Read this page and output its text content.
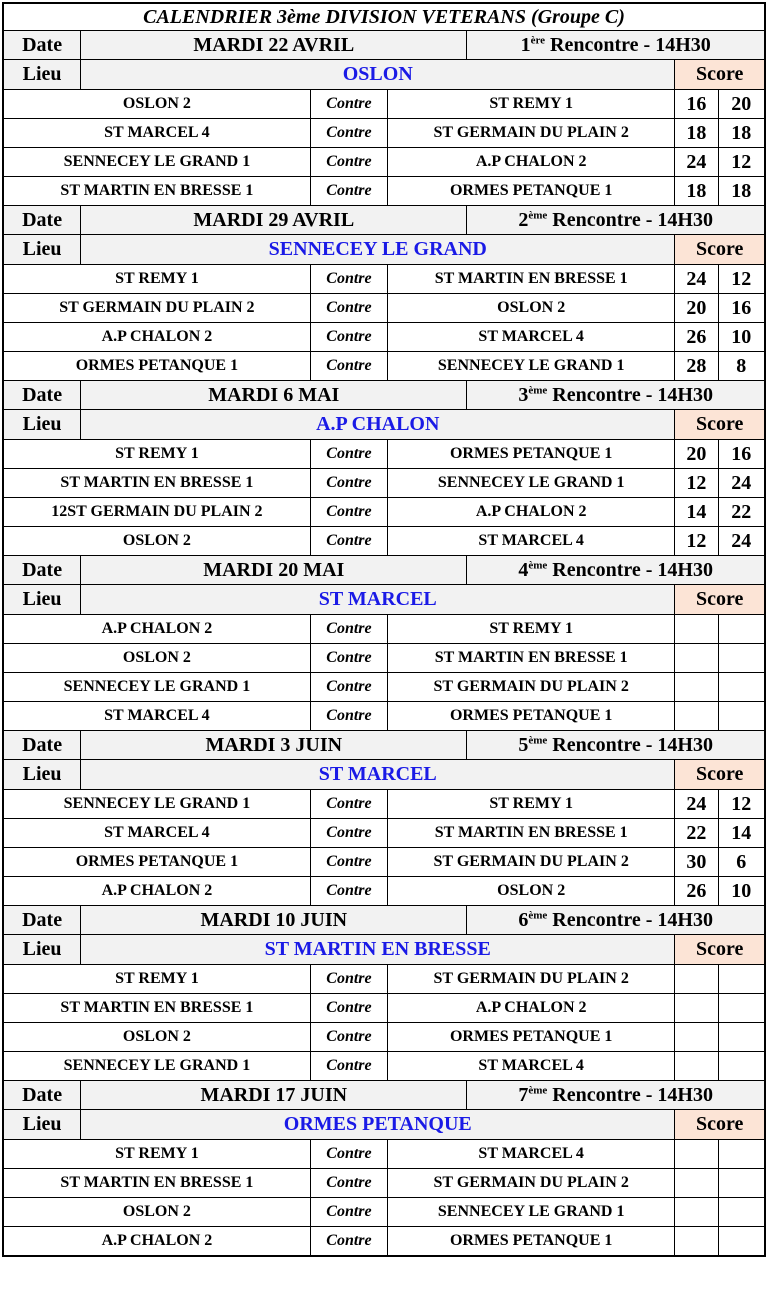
CALENDRIER 3ème DIVISION VETERANS (Groupe C)						
Date	MARDI 22 AVRIL			1ère Rencontre - 14H30		
Lieu	OSLON				Score	
OSLON 2		Contre	ST REMY 1		16	20
ST MARCEL 4		Contre	ST GERMAIN DU PLAIN 2		18	18
SENNECEY LE GRAND 1		Contre	A.P CHALON 2		24	12
ST MARTIN EN BRESSE 1		Contre	ORMES PETANQUE 1		18	18
Date	MARDI 29 AVRIL			2ème Rencontre - 14H30		
Lieu	SENNECEY LE GRAND				Score	
ST REMY 1		Contre	ST MARTIN EN BRESSE 1		24	12
ST GERMAIN DU PLAIN 2		Contre	OSLON 2		20	16
A.P CHALON 2		Contre	ST MARCEL 4		26	10
ORMES PETANQUE 1		Contre	SENNECEY LE GRAND 1		28	8
Date	MARDI 6 MAI			3ème Rencontre - 14H30		
Lieu	A.P CHALON				Score	
ST REMY 1		Contre	ORMES PETANQUE 1		20	16
ST MARTIN EN BRESSE 1		Contre	SENNECEY LE GRAND 1		12	24
12ST GERMAIN DU PLAIN 2		Contre	A.P CHALON 2		14	22
OSLON 2		Contre	ST MARCEL 4		12	24
Date	MARDI 20 MAI			4ème Rencontre - 14H30		
Lieu	ST MARCEL				Score	
A.P CHALON 2		Contre	ST REMY 1			
OSLON 2		Contre	ST MARTIN EN BRESSE 1			
SENNECEY LE GRAND 1		Contre	ST GERMAIN DU PLAIN 2			
ST MARCEL 4		Contre	ORMES PETANQUE 1			
Date	MARDI 3 JUIN			5ème Rencontre - 14H30		
Lieu	ST MARCEL				Score	
SENNECEY LE GRAND 1		Contre	ST REMY 1		24	12
ST MARCEL 4		Contre	ST MARTIN EN BRESSE 1		22	14
ORMES PETANQUE 1		Contre	ST GERMAIN DU PLAIN 2		30	6
A.P CHALON 2		Contre	OSLON 2		26	10
Date	MARDI 10 JUIN			6ème Rencontre - 14H30		
Lieu	ST MARTIN EN BRESSE				Score	
ST REMY 1		Contre	ST GERMAIN DU PLAIN 2			
ST MARTIN EN BRESSE 1		Contre	A.P CHALON 2			
OSLON 2		Contre	ORMES PETANQUE 1			
SENNECEY LE GRAND 1		Contre	ST MARCEL 4			
Date	MARDI 17 JUIN			7ème Rencontre - 14H30		
Lieu	ORMES PETANQUE				Score	
ST REMY 1		Contre	ST MARCEL 4			
ST MARTIN EN BRESSE 1		Contre	ST GERMAIN DU PLAIN 2			
OSLON 2		Contre	SENNECEY LE GRAND 1			
A.P CHALON 2		Contre	ORMES PETANQUE 1			
